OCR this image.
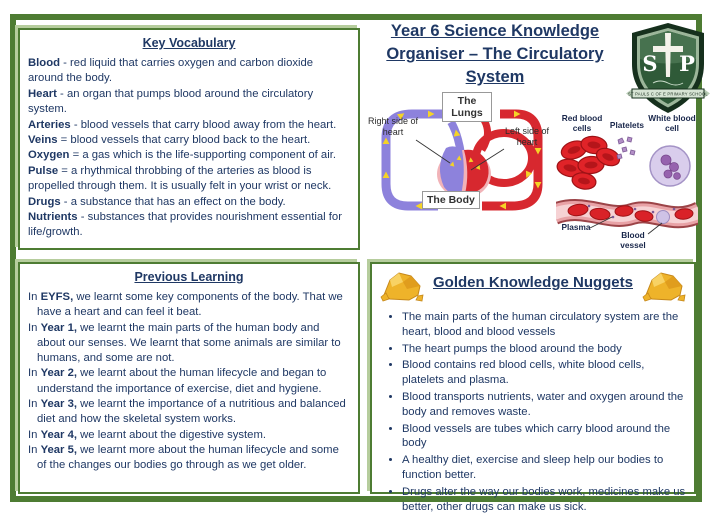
Key Vocabulary
Blood - red liquid that carries oxygen and carbon dioxide around the body.
Heart - an organ that pumps blood around the circulatory system.
Arteries - blood vessels that carry blood away from the heart.
Veins = blood vessels that carry blood back to the heart.
Oxygen = a gas which is the life-supporting component of air.
Pulse = a rhythmical throbbing of the arteries as blood is propelled through them. It is usually felt in your wrist or neck.
Drugs - a substance that has an effect on the body.
Nutrients - substances that provides nourishment essential for life/growth.
Year 6 Science Knowledge Organiser – The Circulatory System
S P
ST PAULS C OF E PRIMARY SCHOOL
The Lungs
The Body
Right side of heart	Left side of heart
Red blood cells	Platelets
White blood cell
Plasma
Blood vessel
Previous Learning
In EYFS, we learnt some key components of the body. That we have a heart and can feel it beat.
In Year 1, we learnt the main parts of the human body and about our senses. We learnt that some animals are similar to humans, and some are not.
In Year 2, we learnt about the human lifecycle and began to understand the importance of exercise, diet and hygiene.
In Year 3, we learnt the importance of a nutritious and balanced diet and how the skeletal system works.
In Year 4, we learnt about the digestive system.
In Year 5, we learnt more about the human lifecycle and some of the changes our bodies go through as we get older.
Golden Knowledge Nuggets
• The main parts of the human circulatory system are the heart, blood and blood vessels
• The heart pumps the blood around the body
• Blood contains red blood cells, white blood cells, platelets and plasma.
• Blood transports nutrients, water and oxygen around the body and removes waste.
• Blood vessels are tubes which carry blood around the body
• A healthy diet, exercise and sleep help our bodies to function better.
• Drugs alter the way our bodies work, medicines make us better, other drugs can make us sick.
